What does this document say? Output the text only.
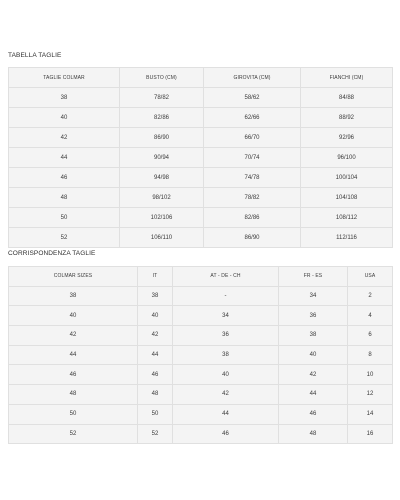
TABELLA TAGLIE
TAGLIE COLMAR	BUSTO (CM)	GIROVITA (CM)	FIANCHI (CM)
38	78/82	58/62	84/88
40	82/86	62/66	88/92
42	86/90	66/70	92/96
44	90/94	70/74	96/100
46	94/98	74/78	100/104
48	98/102	78/82	104/108
50	102/106	82/86	108/112
52	106/110	86/90	112/116
CORRISPONDENZA TAGLIE
COLMAR SIZES	IT	AT - DE - CH	FR - ES	USA
38	38	-	34	2
40	40	34	36	4
42	42	36	38	6
44	44	38	40	8
46	46	40	42	10
48	48	42	44	12
50	50	44	46	14
52	52	46	48	16
